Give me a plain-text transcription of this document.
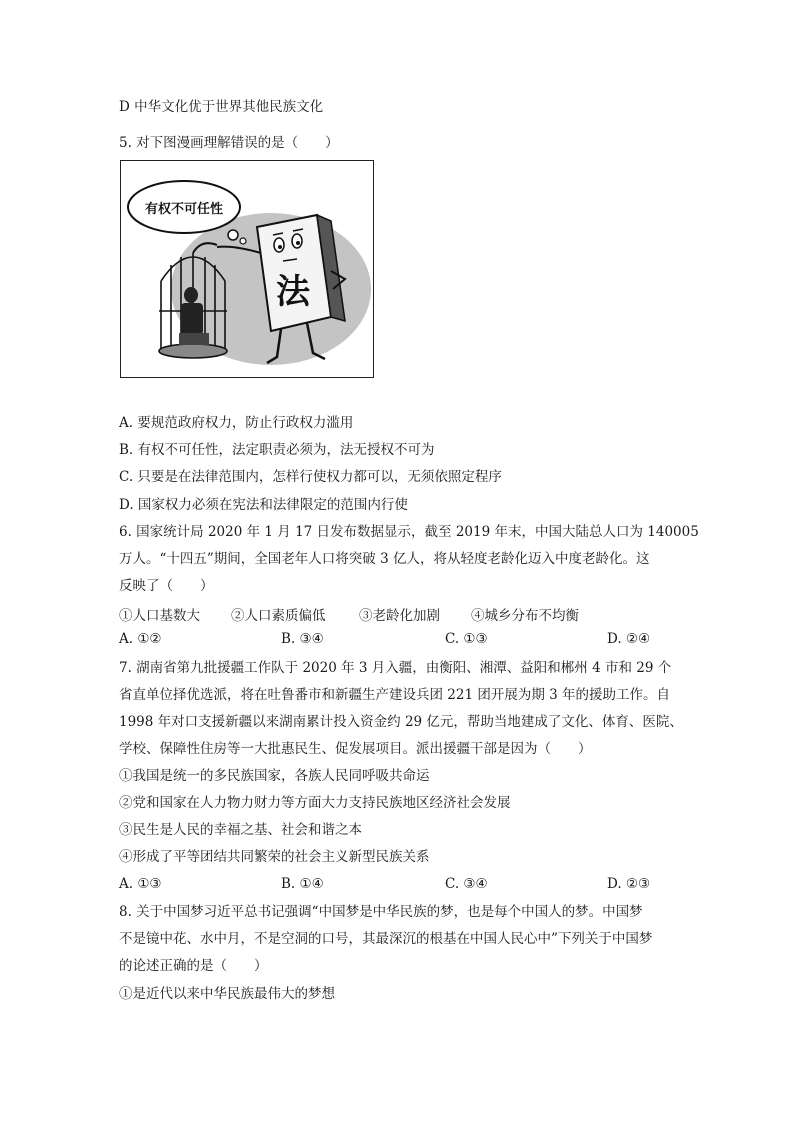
D 中华文化优于世界其他民族文化
5. 对下图漫画理解错误的是（　　）
有权不可任性
法
A. 要规范政府权力，防止行政权力滥用
B. 有权不可任性，法定职责必须为，法无授权不可为
C. 只要是在法律范围内，怎样行使权力都可以，无须依照定程序
D. 国家权力必须在宪法和法律限定的范围内行使
6. 国家统计局 2020 年 1 月 17 日发布数据显示，截至 2019 年末，中国大陆总人口为 140005
万人。“十四五”期间，全国老年人口将突破 3 亿人，将从轻度老龄化迈入中度老龄化。这
反映了（　　）
①人口基数大 ②人口素质偏低 ③老龄化加剧 ④城乡分布不均衡
A. ①②	B. ③④	C. ①③	D. ②④
7. 湖南省第九批援疆工作队于 2020 年 3 月入疆，由衡阳、湘潭、益阳和郴州 4 市和 29 个
省直单位择优选派，将在吐鲁番市和新疆生产建设兵团 221 团开展为期 3 年的援助工作。自
1998 年对口支援新疆以来湖南累计投入资金约 29 亿元，帮助当地建成了文化、体育、医院、
学校、保障性住房等一大批惠民生、促发展项目。派出援疆干部是因为（　　）
①我国是统一的多民族国家，各族人民同呼吸共命运
②党和国家在人力物力财力等方面大力支持民族地区经济社会发展
③民生是人民的幸福之基、社会和谐之本
④形成了平等团结共同繁荣的社会主义新型民族关系
A. ①③	B. ①④	C. ③④	D. ②③
8. 关于中国梦习近平总书记强调“中国梦是中华民族的梦，也是每个中国人的梦。中国梦
不是镜中花、水中月，不是空洞的口号，其最深沉的根基在中国人民心中”下列关于中国梦
的论述正确的是（　　）
①是近代以来中华民族最伟大的梦想
